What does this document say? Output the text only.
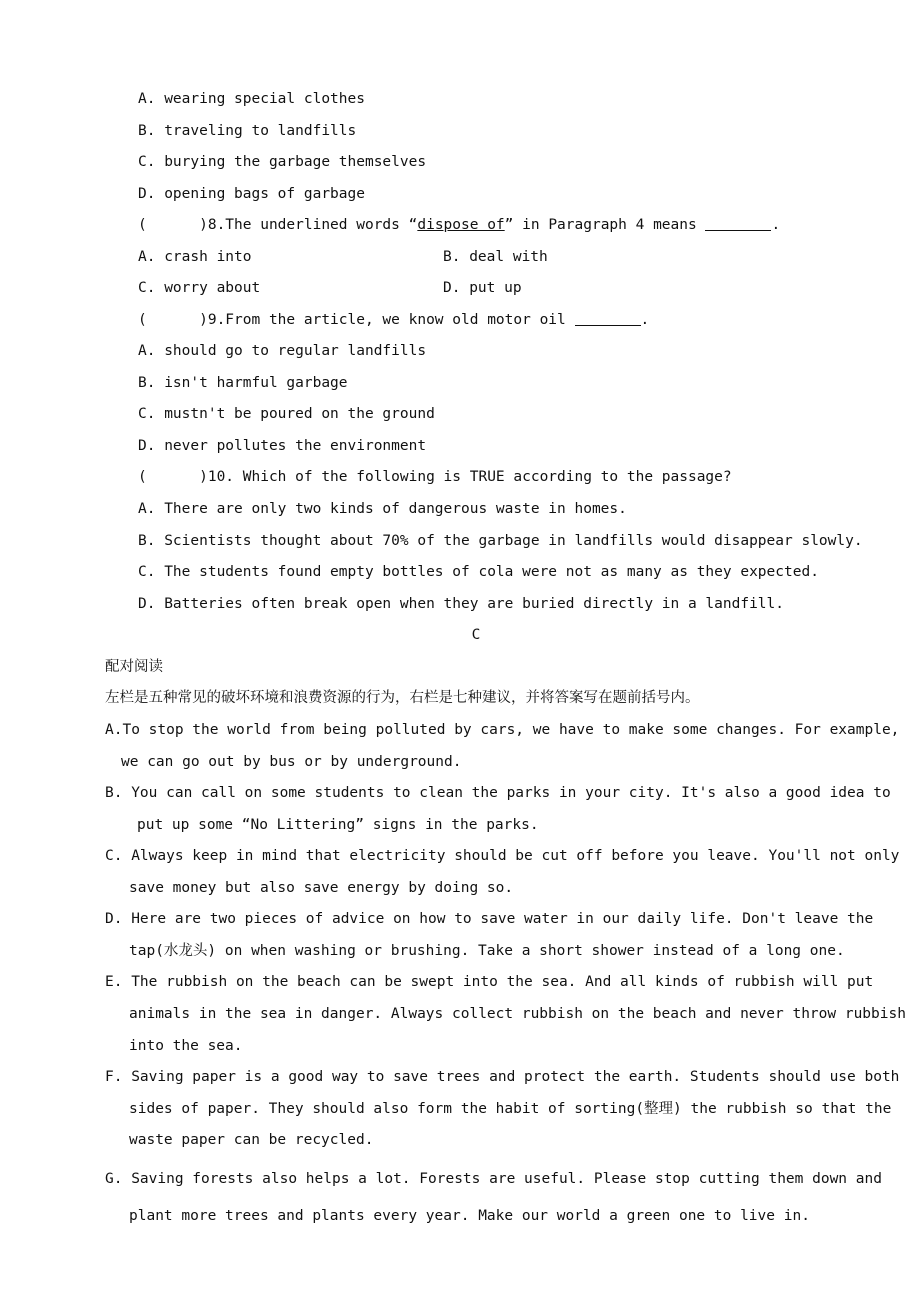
A. wearing special clothes
B. traveling to landfills
C. burying the garbage themselves
D. opening bags of garbage
(      )8.The underlined words “dispose of” in Paragraph 4 means	.
A. crash into	B. deal with
C. worry about	D. put up
(      )9.From the article, we know old motor oil	.
A. should go to regular landfills
B. isn't harmful garbage
C. mustn't be poured on the ground
D. never pollutes the environment
(      )10. Which of the following is TRUE according to the passage?
A. There are only two kinds of dangerous waste in homes.
B. Scientists thought about 70% of the garbage in landfills would disappear slowly.
C. The students found empty bottles of cola were not as many as they expected.
D. Batteries often break open when they are buried directly in a landfill.
C
配对阅读
左栏是五种常见的破坏环境和浪费资源的行为，右栏是七种建议，并将答案写在题前括号内。
A.To stop the world from being polluted by cars, we have to make some changes. For example,
we can go out by bus or by underground.
B. You can call on some students to clean the parks in your city. It's also a good idea to
put up some “No Littering” signs in the parks.
C. Always keep in mind that electricity should be cut off before you leave. You'll not only
save money but also save energy by doing so.
D. Here are two pieces of advice on how to save water in our daily life. Don't leave the
tap(水龙头) on when washing or brushing. Take a short shower instead of a long one.
E. The rubbish on the beach can be swept into the sea. And all kinds of rubbish will put
animals in the sea in danger. Always collect rubbish on the beach and never throw rubbish
into the sea.
F. Saving paper is a good way to save trees and protect the earth. Students should use both
sides of paper. They should also form the habit of sorting(整理) the rubbish so that the
waste paper can be recycled.
G. Saving forests also helps a lot. Forests are useful. Please stop cutting them down and
plant more trees and plants every year. Make our world a green one to live in.
